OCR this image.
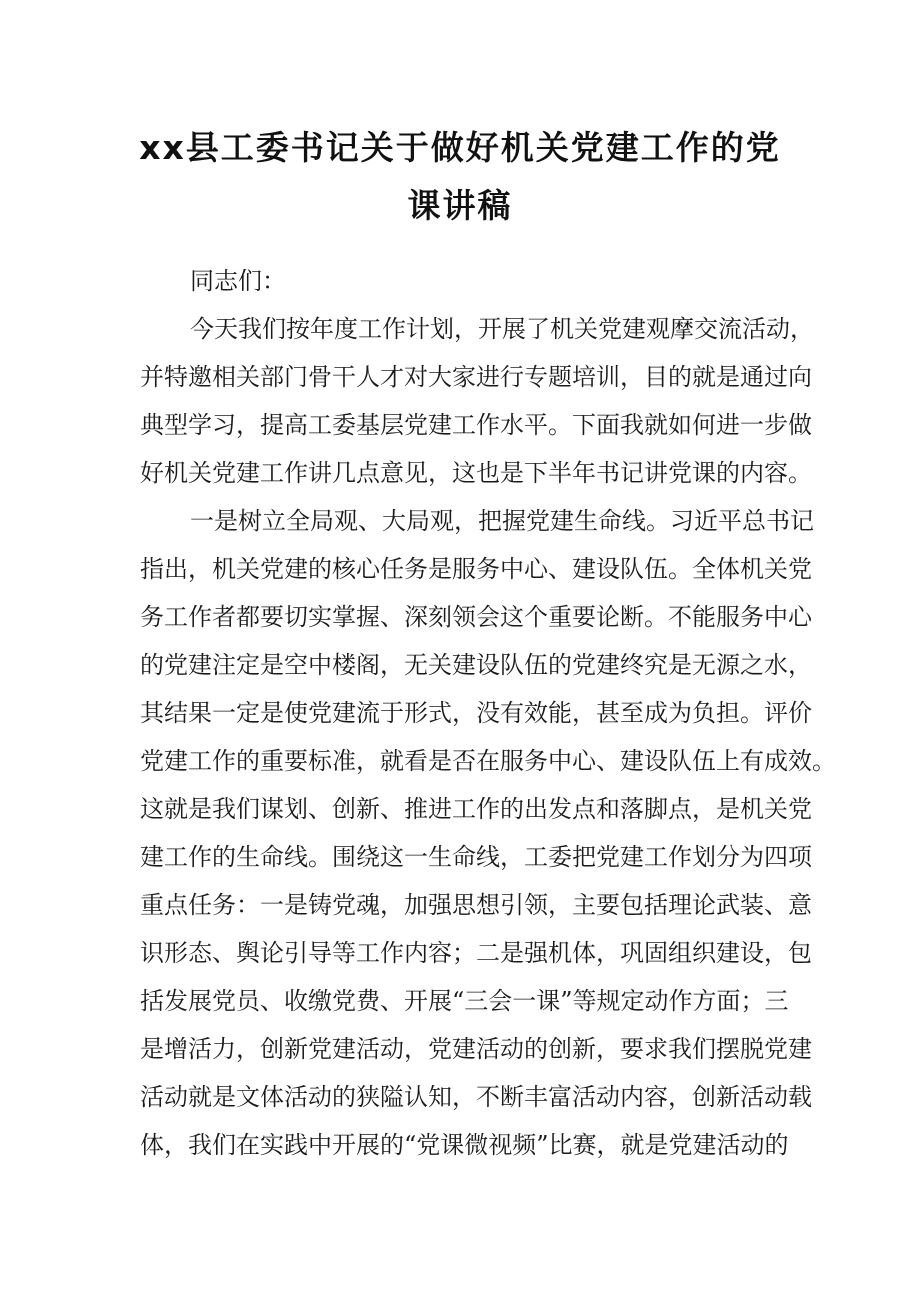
xx县工委书记关于做好机关党建工作的党
课讲稿
同志们：
今天我们按年度工作计划，开展了机关党建观摩交流活动，
并特邀相关部门骨干人才对大家进行专题培训，目的就是通过向
典型学习，提高工委基层党建工作水平。下面我就如何进一步做
好机关党建工作讲几点意见，这也是下半年书记讲党课的内容。
一是树立全局观、大局观，把握党建生命线。习近平总书记
指出，机关党建的核心任务是服务中心、建设队伍。全体机关党
务工作者都要切实掌握、深刻领会这个重要论断。不能服务中心
的党建注定是空中楼阁，无关建设队伍的党建终究是无源之水，
其结果一定是使党建流于形式，没有效能，甚至成为负担。评价
党建工作的重要标准，就看是否在服务中心、建设队伍上有成效。
这就是我们谋划、创新、推进工作的出发点和落脚点，是机关党
建工作的生命线。围绕这一生命线，工委把党建工作划分为四项
重点任务：一是铸党魂，加强思想引领，主要包括理论武装、意
识形态、舆论引导等工作内容；二是强机体，巩固组织建设，包
括发展党员、收缴党费、开展“三会一课”等规定动作方面；三
是增活力，创新党建活动，党建活动的创新，要求我们摆脱党建
活动就是文体活动的狭隘认知，不断丰富活动内容，创新活动载
体，我们在实践中开展的“党课微视频”比赛，就是党建活动的
